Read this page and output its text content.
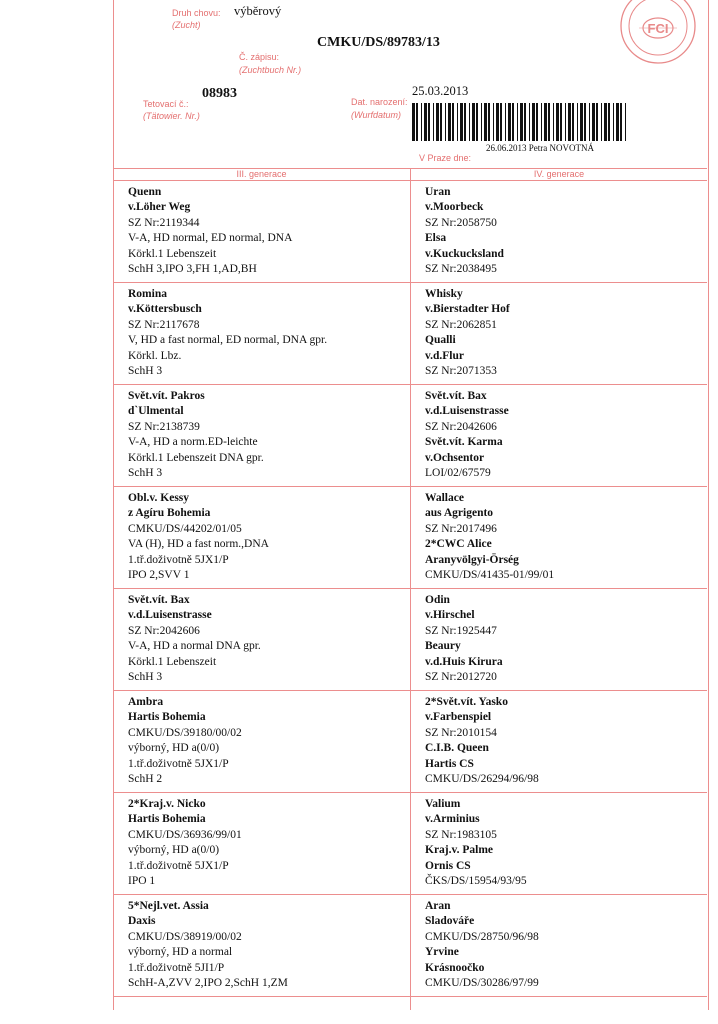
Druh chovu:
(Zucht)
výběrový
CMKU/DS/89783/13
Č. zápisu:
(Zuchtbuch Nr.)
Tetovací č.:
(Tätowier. Nr.)
08983
Dat. narození:
(Wurfdatum)
25.03.2013
26.06.2013 Petra NOVOTNÁ
V Praze dne:
FCI
III. generace	IV. generace
Quenn
v.Löher Weg
SZ Nr:2119344
V-A, HD normal, ED normal, DNA
Körkl.1 Lebenszeit
SchH 3,IPO 3,FH 1,AD,BH
Uran
v.Moorbeck
SZ Nr:2058750
Elsa
v.Kuckucksland
SZ Nr:2038495
Romina
v.Köttersbusch
SZ Nr:2117678
V, HD a fast normal, ED normal, DNA gpr.
Körkl. Lbz.
SchH 3
Whisky
v.Bierstadter Hof
SZ Nr:2062851
Qualli
v.d.Flur
SZ Nr:2071353
Svět.vít. Pakros
d`Ulmental
SZ Nr:2138739
V-A, HD a norm.ED-leichte
Körkl.1 Lebenszeit DNA gpr.
SchH 3
Svět.vít. Bax
v.d.Luisenstrasse
SZ Nr:2042606
Svět.vít. Karma
v.Ochsentor
LOI/02/67579
Obl.v. Kessy
z Agíru Bohemia
CMKU/DS/44202/01/05
VA (H), HD a fast norm.,DNA
1.tř.doživotně 5JX1/P
IPO 2,SVV 1
Wallace
aus Agrigento
SZ Nr:2017496
2*CWC Alice
Aranyvölgyi-Örség
CMKU/DS/41435-01/99/01
Svět.vít. Bax
v.d.Luisenstrasse
SZ Nr:2042606
V-A, HD a normal DNA gpr.
Körkl.1 Lebenszeit
SchH 3
Odin
v.Hirschel
SZ Nr:1925447
Beaury
v.d.Huis Kirura
SZ Nr:2012720
Ambra
Hartis Bohemia
CMKU/DS/39180/00/02
výborný, HD a(0/0)
1.tř.doživotně 5JX1/P
SchH 2
2*Svět.vít. Yasko
v.Farbenspiel
SZ Nr:2010154
C.I.B. Queen
Hartis CS
CMKU/DS/26294/96/98
2*Kraj.v. Nicko
Hartis Bohemia
CMKU/DS/36936/99/01
výborný, HD a(0/0)
1.tř.doživotně 5JX1/P
IPO 1
Valium
v.Arminius
SZ Nr:1983105
Kraj.v. Palme
Ornis CS
ČKS/DS/15954/93/95
5*Nejl.vet. Assia
Daxis
CMKU/DS/38919/00/02
výborný, HD a normal
1.tř.doživotně 5JI1/P
SchH-A,ZVV 2,IPO 2,SchH 1,ZM
Aran
Sladováře
CMKU/DS/28750/96/98
Yrvine
Krásnoočko
CMKU/DS/30286/97/99
